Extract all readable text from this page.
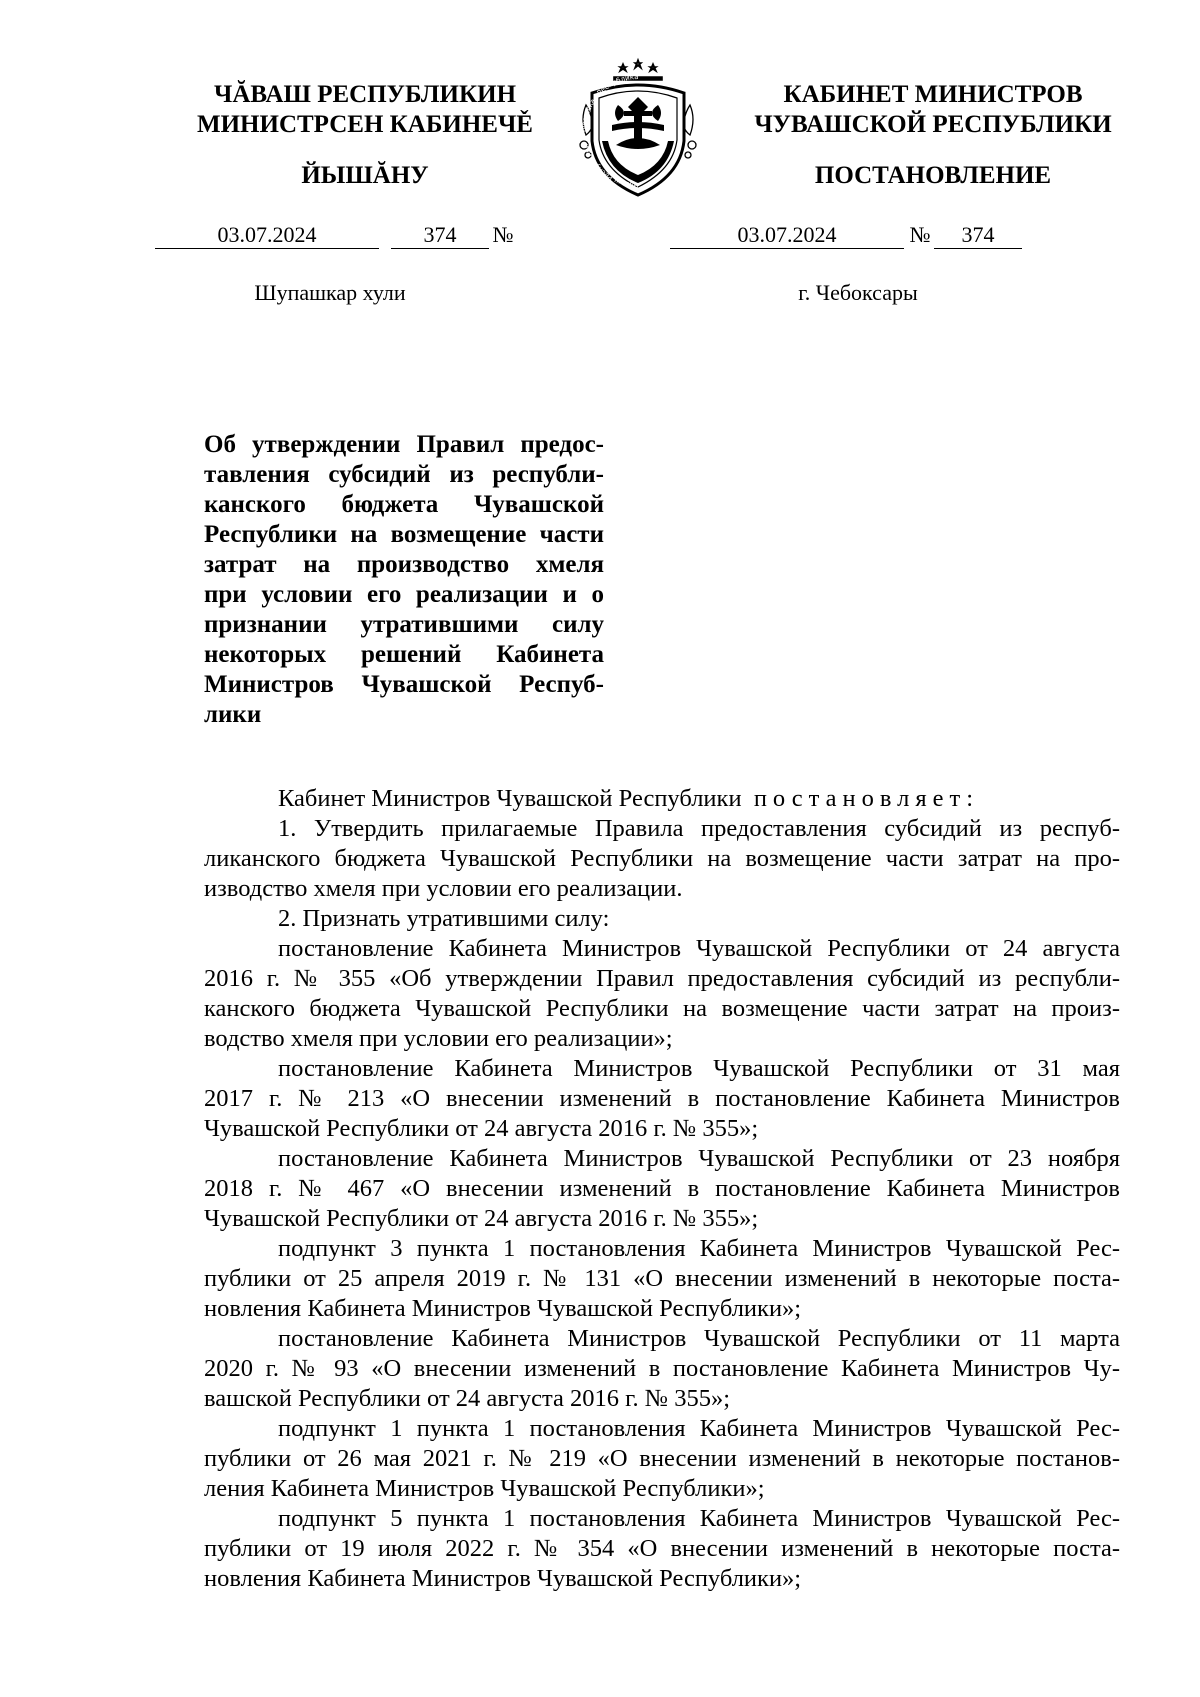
ЧĂВАШ РЕСПУБЛИКИН
МИНИСТРСЕН КАБИНЕЧĚ
ЙЫШĂНУ
КАБИНЕТ МИНИСТРОВ
ЧУВАШСКОЙ РЕСПУБЛИКИ
ПОСТАНОВЛЕНИЕ
Чăваш Республики • Чувашская Республика
03.07.2024	374	№	03.07.2024	№	374
Шупашкар хули	г. Чебоксары
Об утверждении Правил предос-
тавления субсидий из республи-
канского бюджета Чувашской
Республики на возмещение части
затрат на производство хмеля
при условии его реализации и о
признании утратившими силу
некоторых решений Кабинета
Министров Чувашской Респуб-
лики
Кабинет Министров Чувашской Республики постановляет:
1. Утвердить прилагаемые Правила предоставления субсидий из респуб-
ликанского бюджета Чувашской Республики на возмещение части затрат на про-
изводство хмеля при условии его реализации.
2. Признать утратившими силу:
постановление Кабинета Министров Чувашской Республики от 24 августа
2016 г. № 355 «Об утверждении Правил предоставления субсидий из республи-
канского бюджета Чувашской Республики на возмещение части затрат на произ-
водство хмеля при условии его реализации»;
постановление Кабинета Министров Чувашской Республики от 31 мая
2017 г. № 213 «О внесении изменений в постановление Кабинета Министров
Чувашской Республики от 24 августа 2016 г. № 355»;
постановление Кабинета Министров Чувашской Республики от 23 ноября
2018 г. № 467 «О внесении изменений в постановление Кабинета Министров
Чувашской Республики от 24 августа 2016 г. № 355»;
подпункт 3 пункта 1 постановления Кабинета Министров Чувашской Рес-
публики от 25 апреля 2019 г. № 131 «О внесении изменений в некоторые поста-
новления Кабинета Министров Чувашской Республики»;
постановление Кабинета Министров Чувашской Республики от 11 марта
2020 г. № 93 «О внесении изменений в постановление Кабинета Министров Чу-
вашской Республики от 24 августа 2016 г. № 355»;
подпункт 1 пункта 1 постановления Кабинета Министров Чувашской Рес-
публики от 26 мая 2021 г. № 219 «О внесении изменений в некоторые постанов-
ления Кабинета Министров Чувашской Республики»;
подпункт 5 пункта 1 постановления Кабинета Министров Чувашской Рес-
публики от 19 июля 2022 г. № 354 «О внесении изменений в некоторые поста-
новления Кабинета Министров Чувашской Республики»;
